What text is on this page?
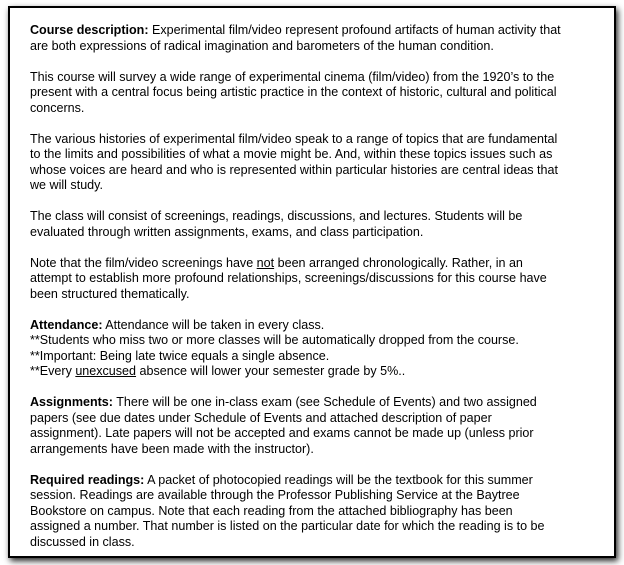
Course description: Experimental film/video represent profound artifacts of human activity that
are both expressions of radical imagination and barometers of the human condition.

This course will survey a wide range of experimental cinema (film/video) from the 1920’s to the
present with a central focus being artistic practice in the context of historic, cultural and political
concerns.

The various histories of experimental film/video speak to a range of topics that are fundamental
to the limits and possibilities of what a movie might be. And, within these topics issues such as
whose voices are heard and who is represented within particular histories are central ideas that
we will study.

The class will consist of screenings, readings, discussions, and lectures. Students will be
evaluated through written assignments, exams, and class participation.

Note that the film/video screenings have not been arranged chronologically. Rather, in an
attempt to establish more profound relationships, screenings/discussions for this course have
been structured thematically.

Attendance: Attendance will be taken in every class.
**Students who miss two or more classes will be automatically dropped from the course.
**Important: Being late twice equals a single absence.
**Every unexcused absence will lower your semester grade by 5%..

Assignments: There will be one in-class exam (see Schedule of Events) and two assigned
papers (see due dates under Schedule of Events and attached description of paper
assignment). Late papers will not be accepted and exams cannot be made up (unless prior
arrangements have been made with the instructor).

Required readings: A packet of photocopied readings will be the textbook for this summer
session. Readings are available through the Professor Publishing Service at the Baytree
Bookstore on campus. Note that each reading from the attached bibliography has been
assigned a number. That number is listed on the particular date for which the reading is to be
discussed in class.
